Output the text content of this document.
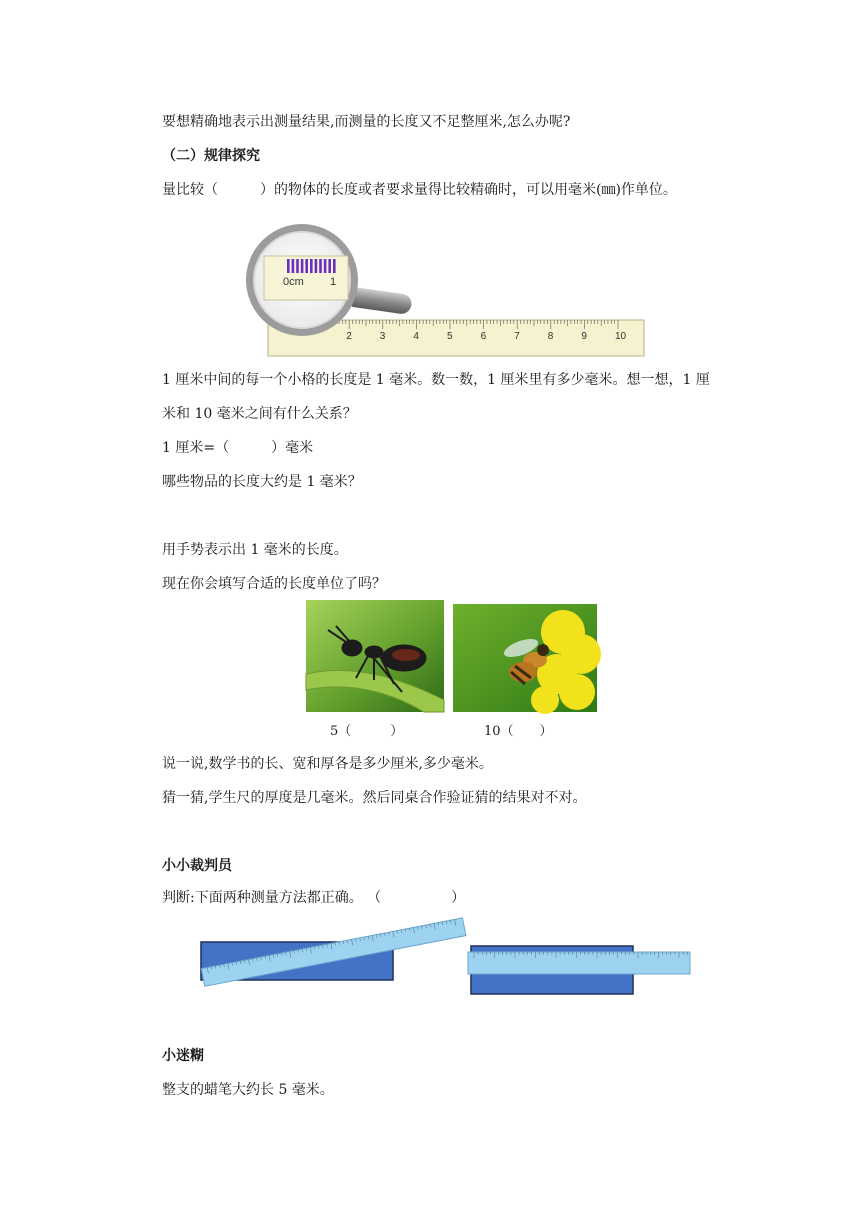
要想精确地表示出测量结果,而测量的长度又不足整厘米,怎么办呢?
（二）规律探究
量比较（　　　）的物体的长度或者要求量得比较精确时，可以用毫米(㎜)作单位。
2	3	4	5	6	7	8	9	10
0cm 1
1 厘米中间的每一个小格的长度是 1 毫米。数一数，1 厘米里有多少毫米。想一想，1 厘
米和 10 毫米之间有什么关系？
1 厘米=（　　　）毫米
哪些物品的长度大约是 1 毫米？
用手势表示出 1 毫米的长度。
现在你会填写合适的长度单位了吗？
5（　　　）	10（　　）
说一说,数学书的长、宽和厚各是多少厘米,多少毫米。
猜一猜,学生尺的厚度是几毫米。然后同桌合作验证猜的结果对不对。
小小裁判员
判断:下面两种测量方法都正确。 （　　　　　）
小迷糊
整支的蜡笔大约长 5 毫米。
